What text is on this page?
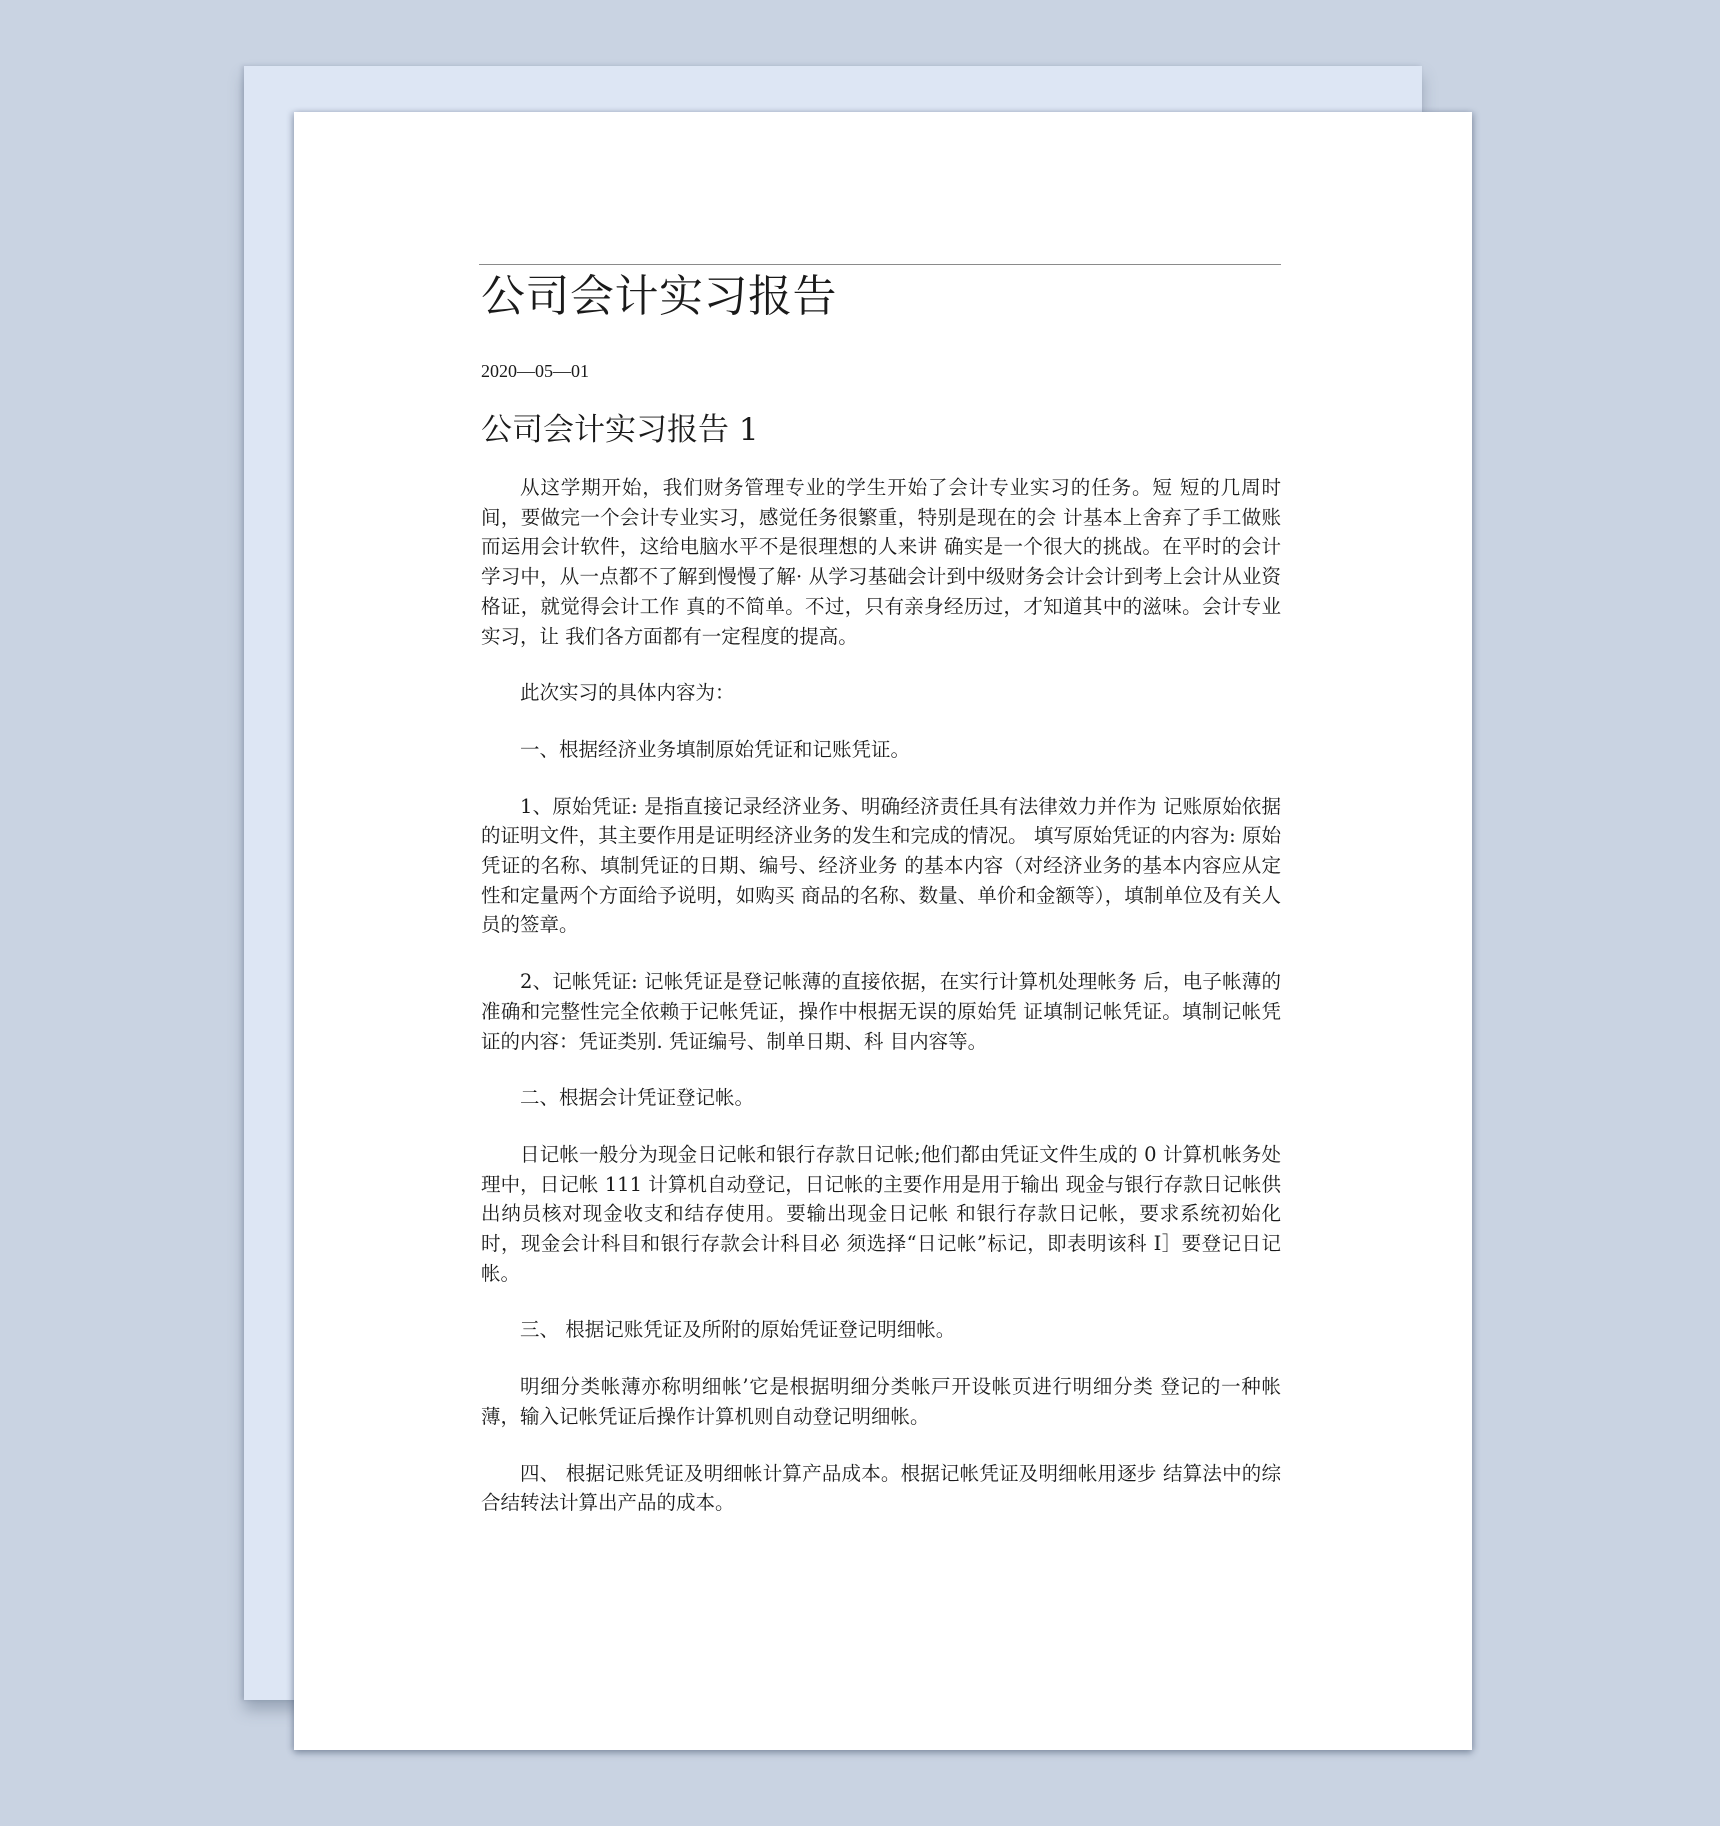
公司会计实习报告
2020—05—01
公司会计实习报告 1

从这学期开始，我们财务管理专业的学生开始了会计专业实习的任务。短 短的几周时间，要做完一个会计专业实习，感觉任务很繁重，特别是现在的会 计基本上舍弃了手工做账而运用会计软件，这给电脑水平不是很理想的人来讲 确实是一个很大的挑战。在平时的会计学习中，从一点都不了解到慢慢了解· 从学习基础会计到中级财务会计会计到考上会计从业资格证，就觉得会计工作 真的不简单。不过，只有亲身经历过，才知道其中的滋味。会计专业实习，让 我们各方面都有一定程度的提高。

此次实习的具体内容为：

一、根据经济业务填制原始凭证和记账凭证。

1、原始凭证: 是指直接记录经济业务、明确经济责任具有法律效力并作为 记账原始依据的证明文件，其主要作用是证明经济业务的发生和完成的情况。 填写原始凭证的内容为: 原始凭证的名称、填制凭证的日期、编号、经济业务 的基本内容（对经济业务的基本内容应从定性和定量两个方面给予说明，如购买 商品的名称、数量、单价和金额等），填制单位及有关人员的签章。

2、记帐凭证: 记帐凭证是登记帐薄的直接依据，在实行计算机处理帐务 后，电子帐薄的准确和完整性完全依赖于记帐凭证，操作中根据无误的原始凭 证填制记帐凭证。填制记帐凭证的内容：凭证类别. 凭证编号、制单日期、科 目内容等。

二、根据会计凭证登记帐。

日记帐一般分为现金日记帐和银行存款日记帐;他们都由凭证文件生成的 0 计算机帐务处理中，日记帐 111 计算机自动登记，日记帐的主要作用是用于输出 现金与银行存款日记帐供出纳员核对现金收支和结存使用。要输出现金日记帐 和银行存款日记帐，要求系统初始化时，现金会计科目和银行存款会计科目必 须选择“日记帐”标记，即表明该科 I］要登记日记帐。

三、 根据记账凭证及所附的原始凭证登记明细帐。

明细分类帐薄亦称明细帐’它是根据明细分类帐戸开设帐页进行明细分类 登记的一种帐薄，输入记帐凭证后操作计算机则自动登记明细帐。

四、 根据记账凭证及明细帐计算产品成本。根据记帐凭证及明细帐用逐步 结算法中的综合结转法计算出产品的成本。
